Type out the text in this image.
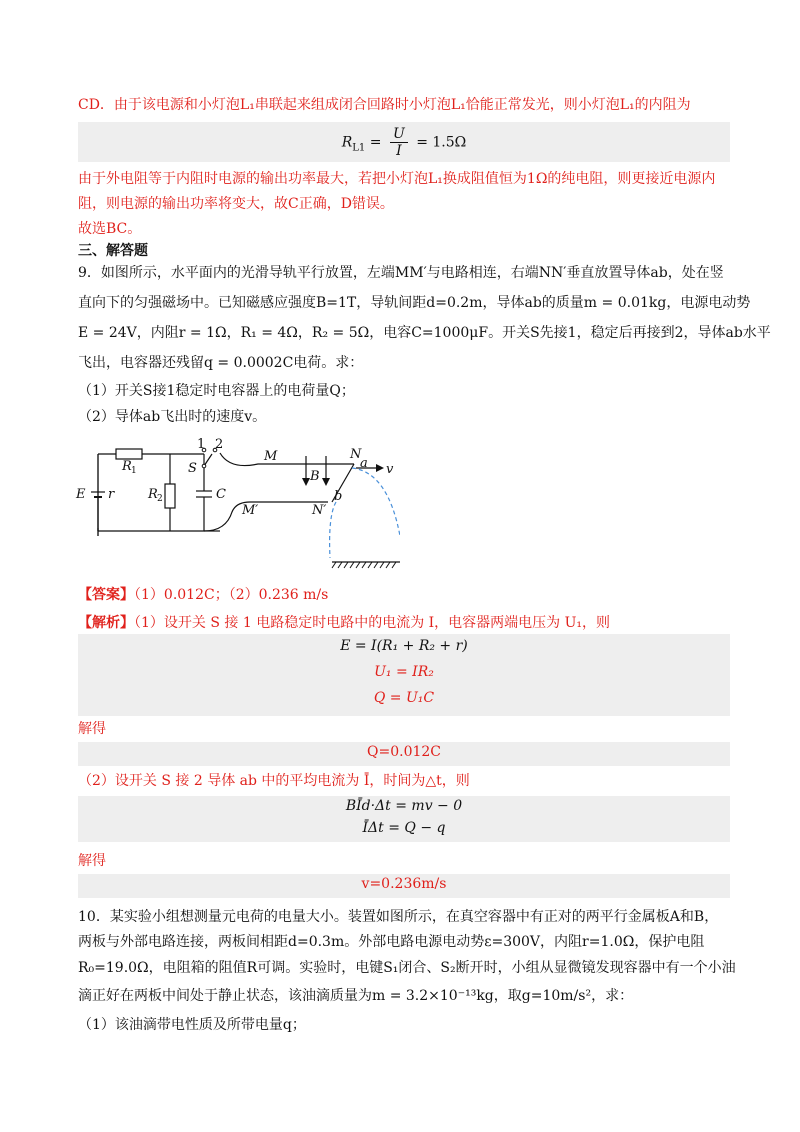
CD．由于该电源和小灯泡L₁串联起来组成闭合回路时小灯泡L₁恰能正常发光，则小灯泡L₁的内阻为
$R_{L1} = \frac{U}{I} = 1.5\Omega$
由于外电阻等于内阻时电源的输出功率最大，若把小灯泡L₁换成阻值恒为1Ω的纯电阻，则更接近电源内
阻，则电源的输出功率将变大，故C正确，D错误。
故选BC。
三、解答题
9．如图所示，水平面内的光滑导轨平行放置，左端MM′与电路相连，右端NN′垂直放置导体ab，处在竖
直向下的匀强磁场中。已知磁感应强度B=1T，导轨间距d=0.2m，导体ab的质量m = 0.01kg，电源电动势
E = 24V，内阻r = 1Ω，R₁ = 4Ω，R₂ = 5Ω，电容C=1000μF。开关S先接1，稳定后再接到2，导体ab水平
飞出，电容器还残留q = 0.0002C电荷。求：
（1）开关S接1稳定时电容器上的电荷量Q；
（2）导体ab飞出时的速度v。
1 2
S
R 1
R 2
E r	C
M
M′
N
N′
B
a
b
v
【答案】（1）0.012C；（2）0.236 m/s
【解析】（1）设开关 S 接 1 电路稳定时电路中的电流为 I，电容器两端电压为 U₁，则
E = I(R₁ + R₂ + r)
U₁ = IR₂
Q = U₁C
解得
Q=0.012C
（2）设开关 S 接 2 导体 ab 中的平均电流为 Ī，时间为△t，则
BĪd·Δt = mv − 0
ĪΔt = Q − q
解得
v=0.236m/s
10．某实验小组想测量元电荷的电量大小。装置如图所示，在真空容器中有正对的两平行金属板A和B，
两板与外部电路连接，两板间相距d=0.3m。外部电路电源电动势ε=300V，内阻r=1.0Ω，保护电阻
R₀=19.0Ω，电阻箱的阻值R可调。实验时，电键S₁闭合、S₂断开时，小组从显微镜发现容器中有一个小油
滴正好在两板中间处于静止状态，该油滴质量为m = 3.2×10⁻¹³kg，取g=10m/s²，求：
（1）该油滴带电性质及所带电量q；
